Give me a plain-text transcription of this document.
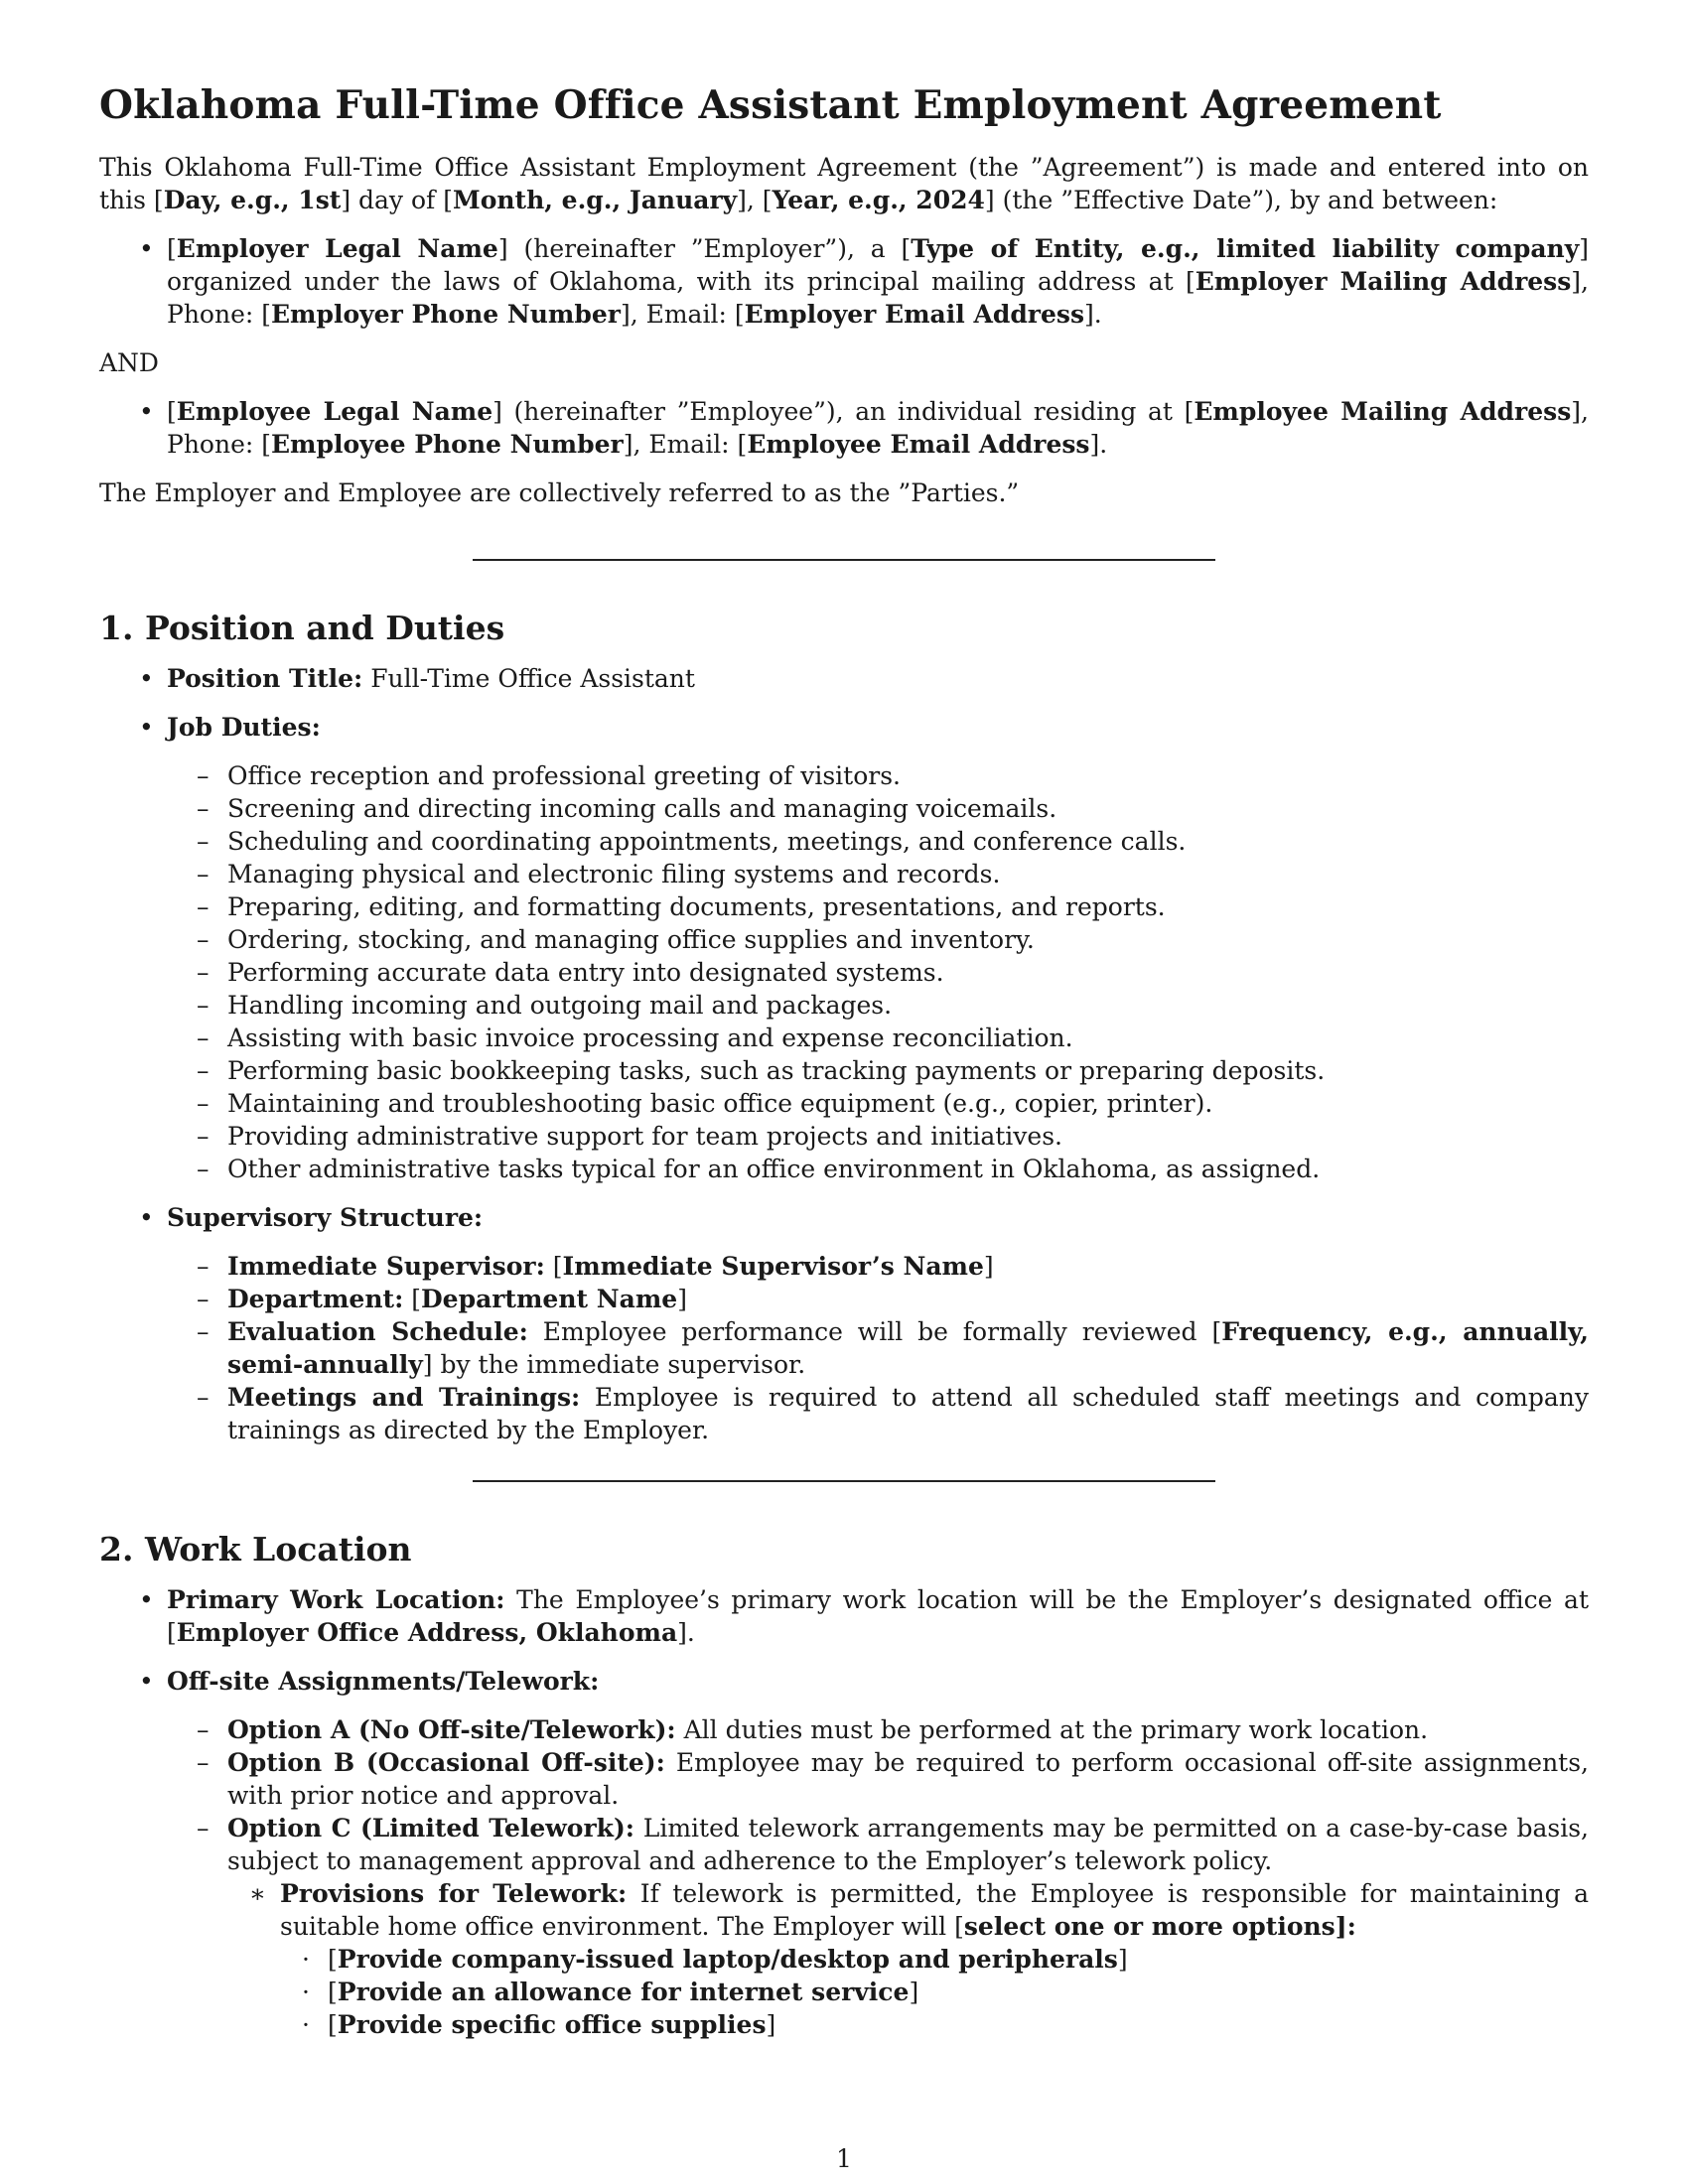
Oklahoma Full-Time Office Assistant Employment Agreement

This Oklahoma Full-Time Office Assistant Employment Agreement (the ”Agreement”) is made and entered into on this [Day, e.g., 1st] day of [Month, e.g., January], [Year, e.g., 2024] (the ”Effective Date”), by and between:

• [Employer Legal Name] (hereinafter ”Employer”), a [Type of Entity, e.g., limited liability company] organized under the laws of Oklahoma, with its principal mailing address at [Employer Mailing Address], Phone: [Employer Phone Number], Email: [Employer Email Address].

AND

• [Employee Legal Name] (hereinafter ”Employee”), an individual residing at [Employee Mailing Address], Phone: [Employee Phone Number], Email: [Employee Email Address].

The Employer and Employee are collectively referred to as the ”Parties.”

1. Position and Duties
• Position Title: Full-Time Office Assistant
• Job Duties:
– Office reception and professional greeting of visitors.
– Screening and directing incoming calls and managing voicemails.
– Scheduling and coordinating appointments, meetings, and conference calls.
– Managing physical and electronic filing systems and records.
– Preparing, editing, and formatting documents, presentations, and reports.
– Ordering, stocking, and managing office supplies and inventory.
– Performing accurate data entry into designated systems.
– Handling incoming and outgoing mail and packages.
– Assisting with basic invoice processing and expense reconciliation.
– Performing basic bookkeeping tasks, such as tracking payments or preparing deposits.
– Maintaining and troubleshooting basic office equipment (e.g., copier, printer).
– Providing administrative support for team projects and initiatives.
– Other administrative tasks typical for an office environment in Oklahoma, as assigned.
• Supervisory Structure:
– Immediate Supervisor: [Immediate Supervisor’s Name]
– Department: [Department Name]
– Evaluation Schedule: Employee performance will be formally reviewed [Frequency, e.g., annually, semi-annually] by the immediate supervisor.
– Meetings and Trainings: Employee is required to attend all scheduled staff meetings and company trainings as directed by the Employer.
2. Work Location
• Primary Work Location: The Employee’s primary work location will be the Employer’s designated office at [Employer Office Address, Oklahoma].
• Off-site Assignments/Telework:
– Option A (No Off-site/Telework): All duties must be performed at the primary work location.
– Option B (Occasional Off-site): Employee may be required to perform occasional off-site assignments, with prior notice and approval.
– Option C (Limited Telework): Limited telework arrangements may be permitted on a case-by-case basis, subject to management approval and adherence to the Employer’s telework policy.
∗ Provisions for Telework: If telework is permitted, the Employee is responsible for maintaining a suitable home office environment. The Employer will [select one or more options]:
· [Provide company-issued laptop/desktop and peripherals]
· [Provide an allowance for internet service]
· [Provide specific office supplies]
1
